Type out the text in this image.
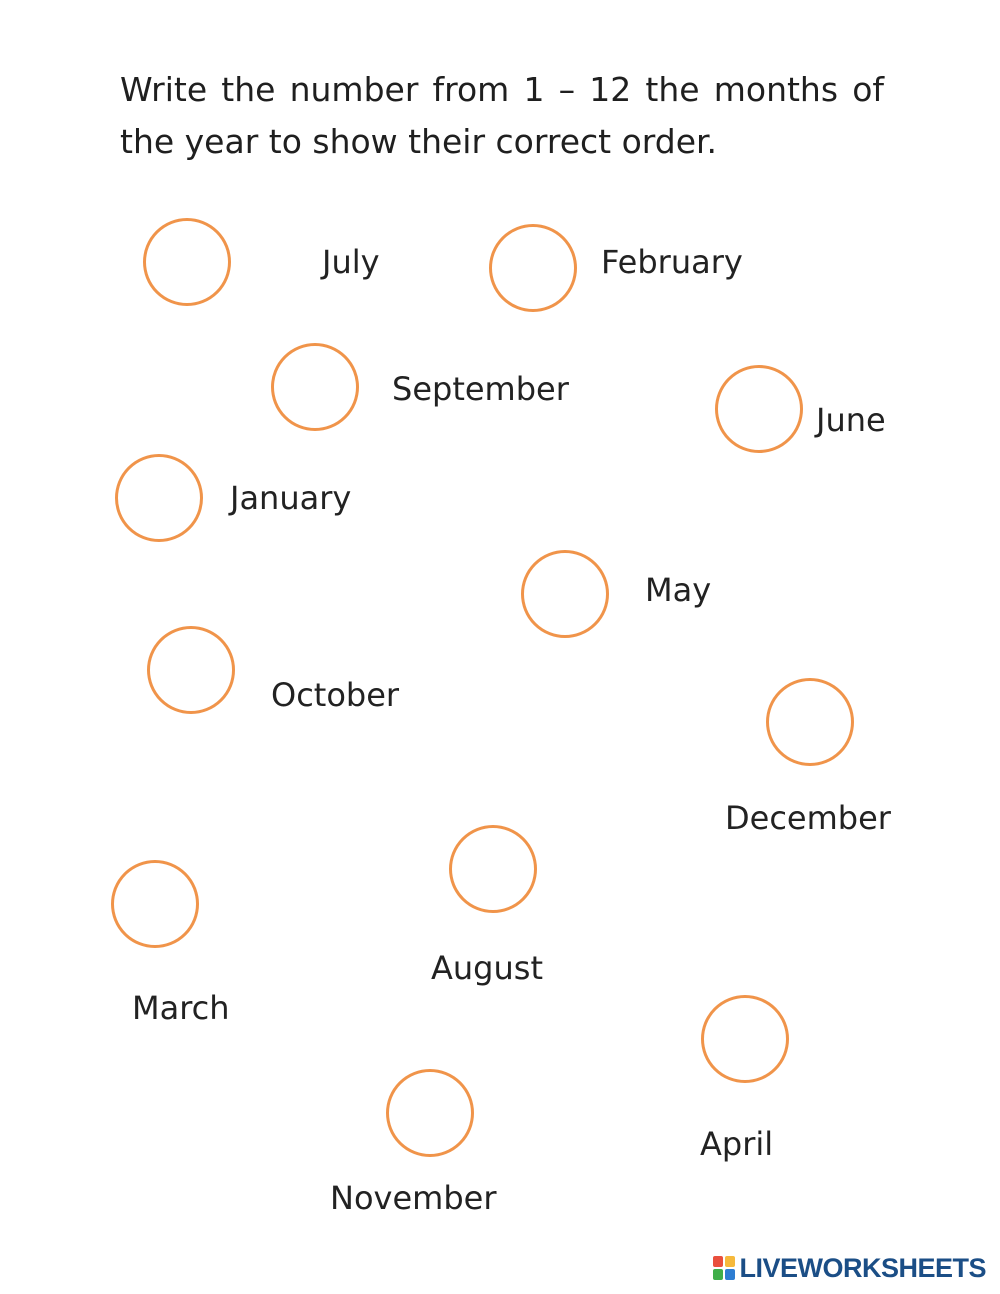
Write the number from 1 – 12 the months of
the year to show their correct order.
July	February
September
June
January
May
October
December
August
March
April
November
LIVEWORKSHEETS
